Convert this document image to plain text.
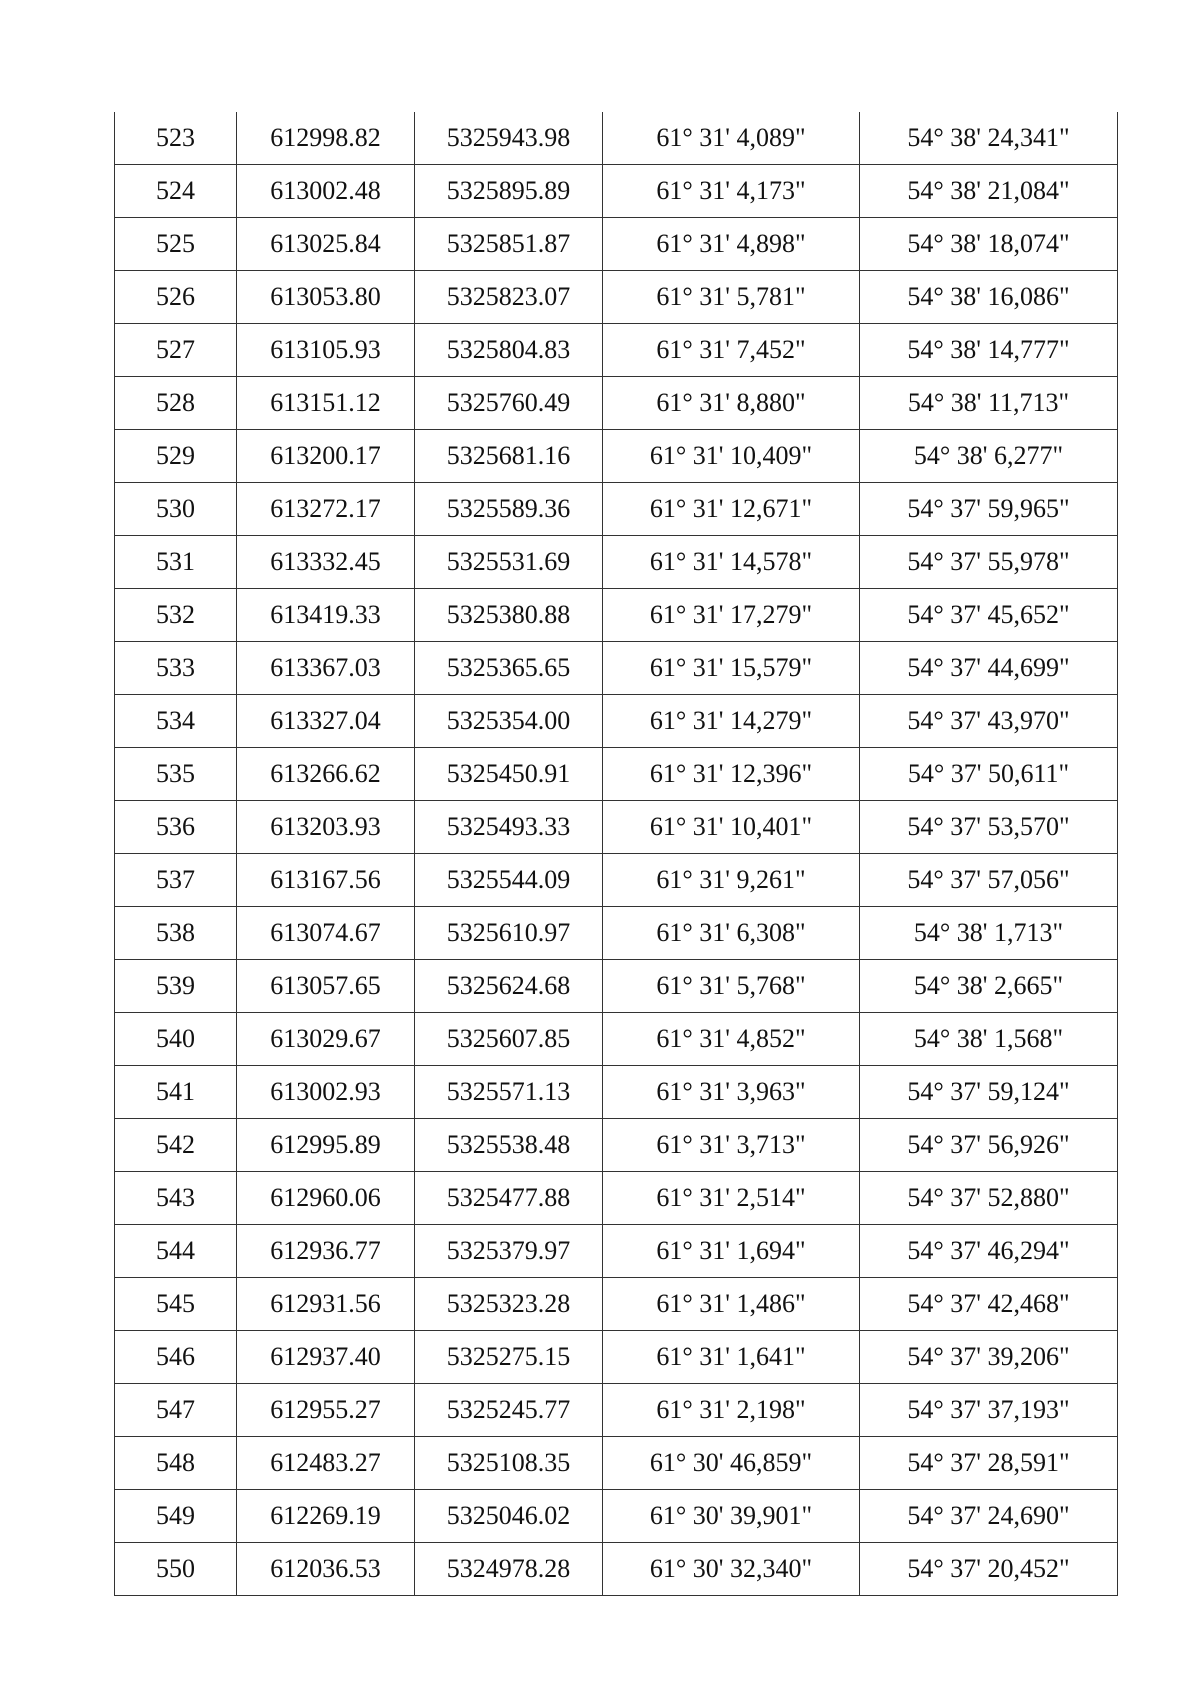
523	612998.82	5325943.98	61° 31' 4,089"	54° 38' 24,341"
524	613002.48	5325895.89	61° 31' 4,173"	54° 38' 21,084"
525	613025.84	5325851.87	61° 31' 4,898"	54° 38' 18,074"
526	613053.80	5325823.07	61° 31' 5,781"	54° 38' 16,086"
527	613105.93	5325804.83	61° 31' 7,452"	54° 38' 14,777"
528	613151.12	5325760.49	61° 31' 8,880"	54° 38' 11,713"
529	613200.17	5325681.16	61° 31' 10,409"	54° 38' 6,277"
530	613272.17	5325589.36	61° 31' 12,671"	54° 37' 59,965"
531	613332.45	5325531.69	61° 31' 14,578"	54° 37' 55,978"
532	613419.33	5325380.88	61° 31' 17,279"	54° 37' 45,652"
533	613367.03	5325365.65	61° 31' 15,579"	54° 37' 44,699"
534	613327.04	5325354.00	61° 31' 14,279"	54° 37' 43,970"
535	613266.62	5325450.91	61° 31' 12,396"	54° 37' 50,611"
536	613203.93	5325493.33	61° 31' 10,401"	54° 37' 53,570"
537	613167.56	5325544.09	61° 31' 9,261"	54° 37' 57,056"
538	613074.67	5325610.97	61° 31' 6,308"	54° 38' 1,713"
539	613057.65	5325624.68	61° 31' 5,768"	54° 38' 2,665"
540	613029.67	5325607.85	61° 31' 4,852"	54° 38' 1,568"
541	613002.93	5325571.13	61° 31' 3,963"	54° 37' 59,124"
542	612995.89	5325538.48	61° 31' 3,713"	54° 37' 56,926"
543	612960.06	5325477.88	61° 31' 2,514"	54° 37' 52,880"
544	612936.77	5325379.97	61° 31' 1,694"	54° 37' 46,294"
545	612931.56	5325323.28	61° 31' 1,486"	54° 37' 42,468"
546	612937.40	5325275.15	61° 31' 1,641"	54° 37' 39,206"
547	612955.27	5325245.77	61° 31' 2,198"	54° 37' 37,193"
548	612483.27	5325108.35	61° 30' 46,859"	54° 37' 28,591"
549	612269.19	5325046.02	61° 30' 39,901"	54° 37' 24,690"
550	612036.53	5324978.28	61° 30' 32,340"	54° 37' 20,452"
